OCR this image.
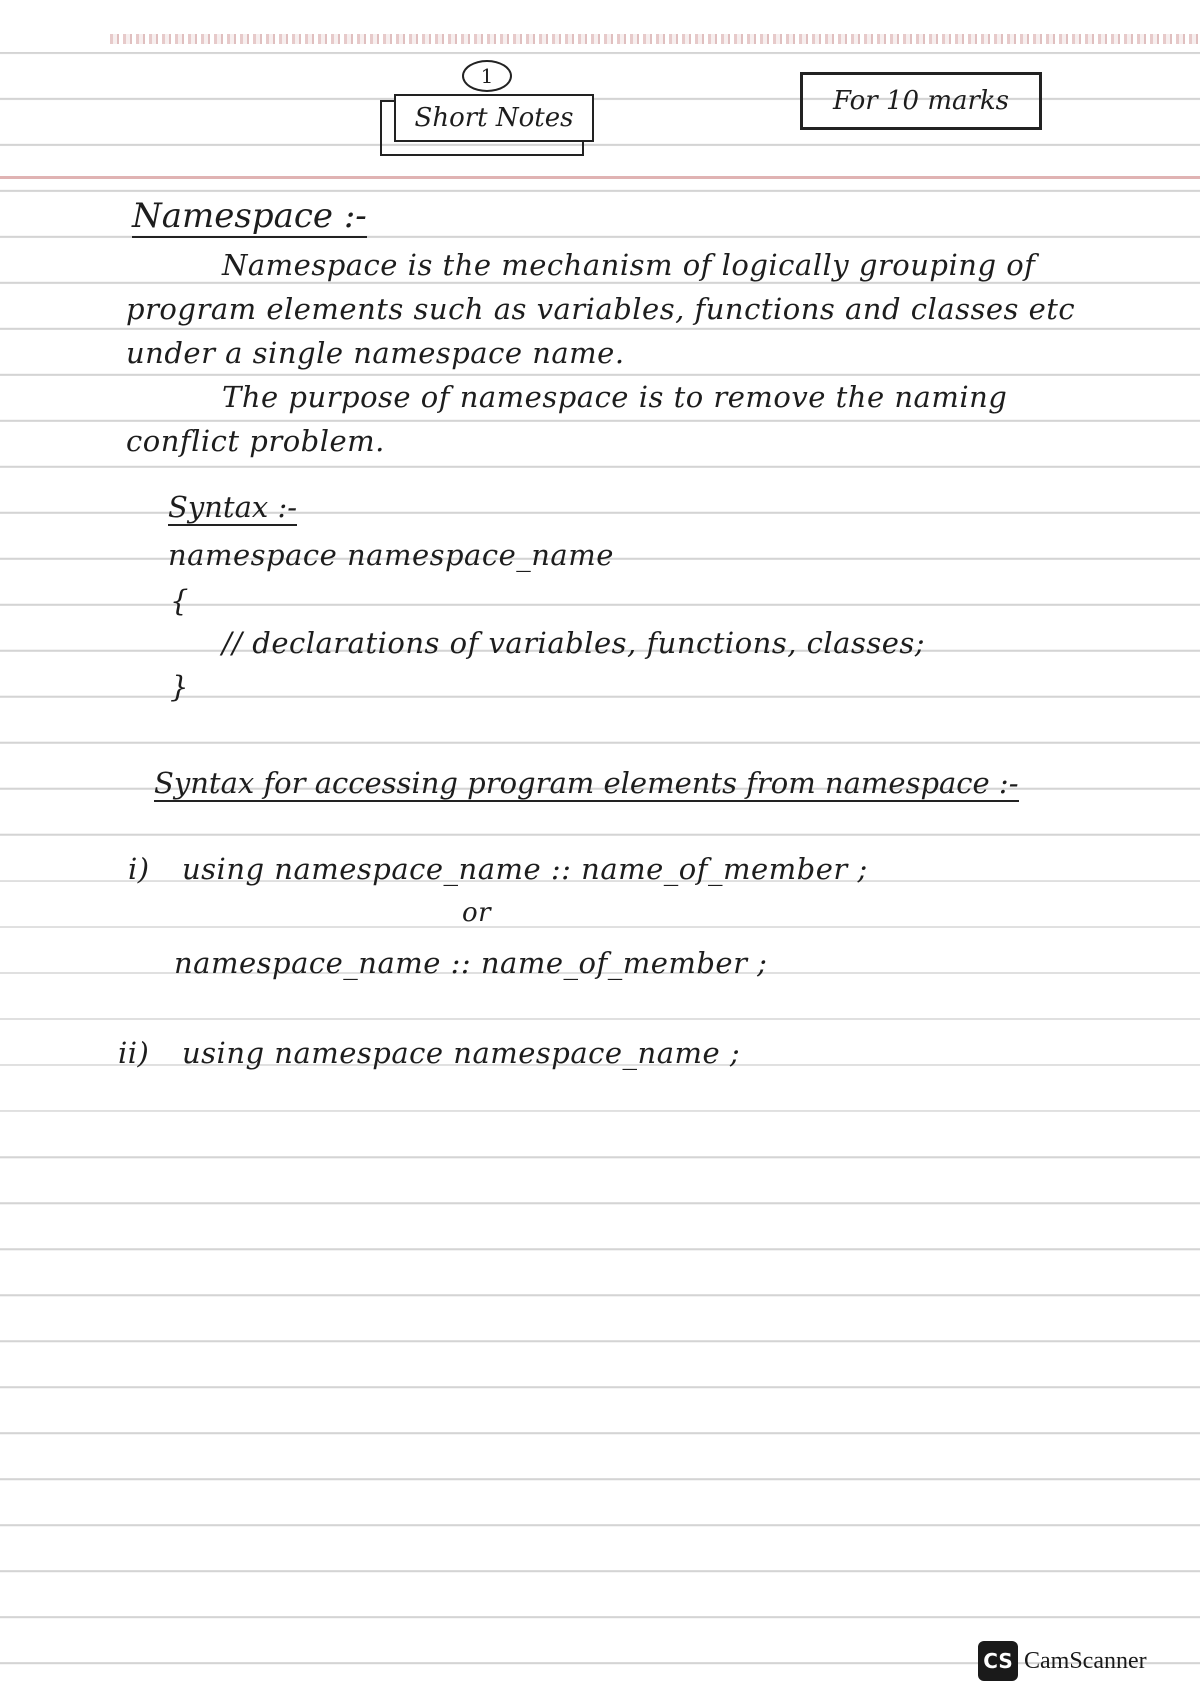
1
Short Notes
For 10 marks
Namespace :-
Namespace is the mechanism of logically grouping of
program elements such as variables, functions and classes etc
under a single namespace name.
The purpose of namespace is to remove the naming
conflict problem.
Syntax :-
namespace namespace_name
{
// declarations of variables, functions, classes;
}
Syntax for accessing program elements from namespace :-
i) using namespace_name :: name_of_member ;
or
namespace_name :: name_of_member ;
ii) using namespace namespace_name ;
CS CamScanner
